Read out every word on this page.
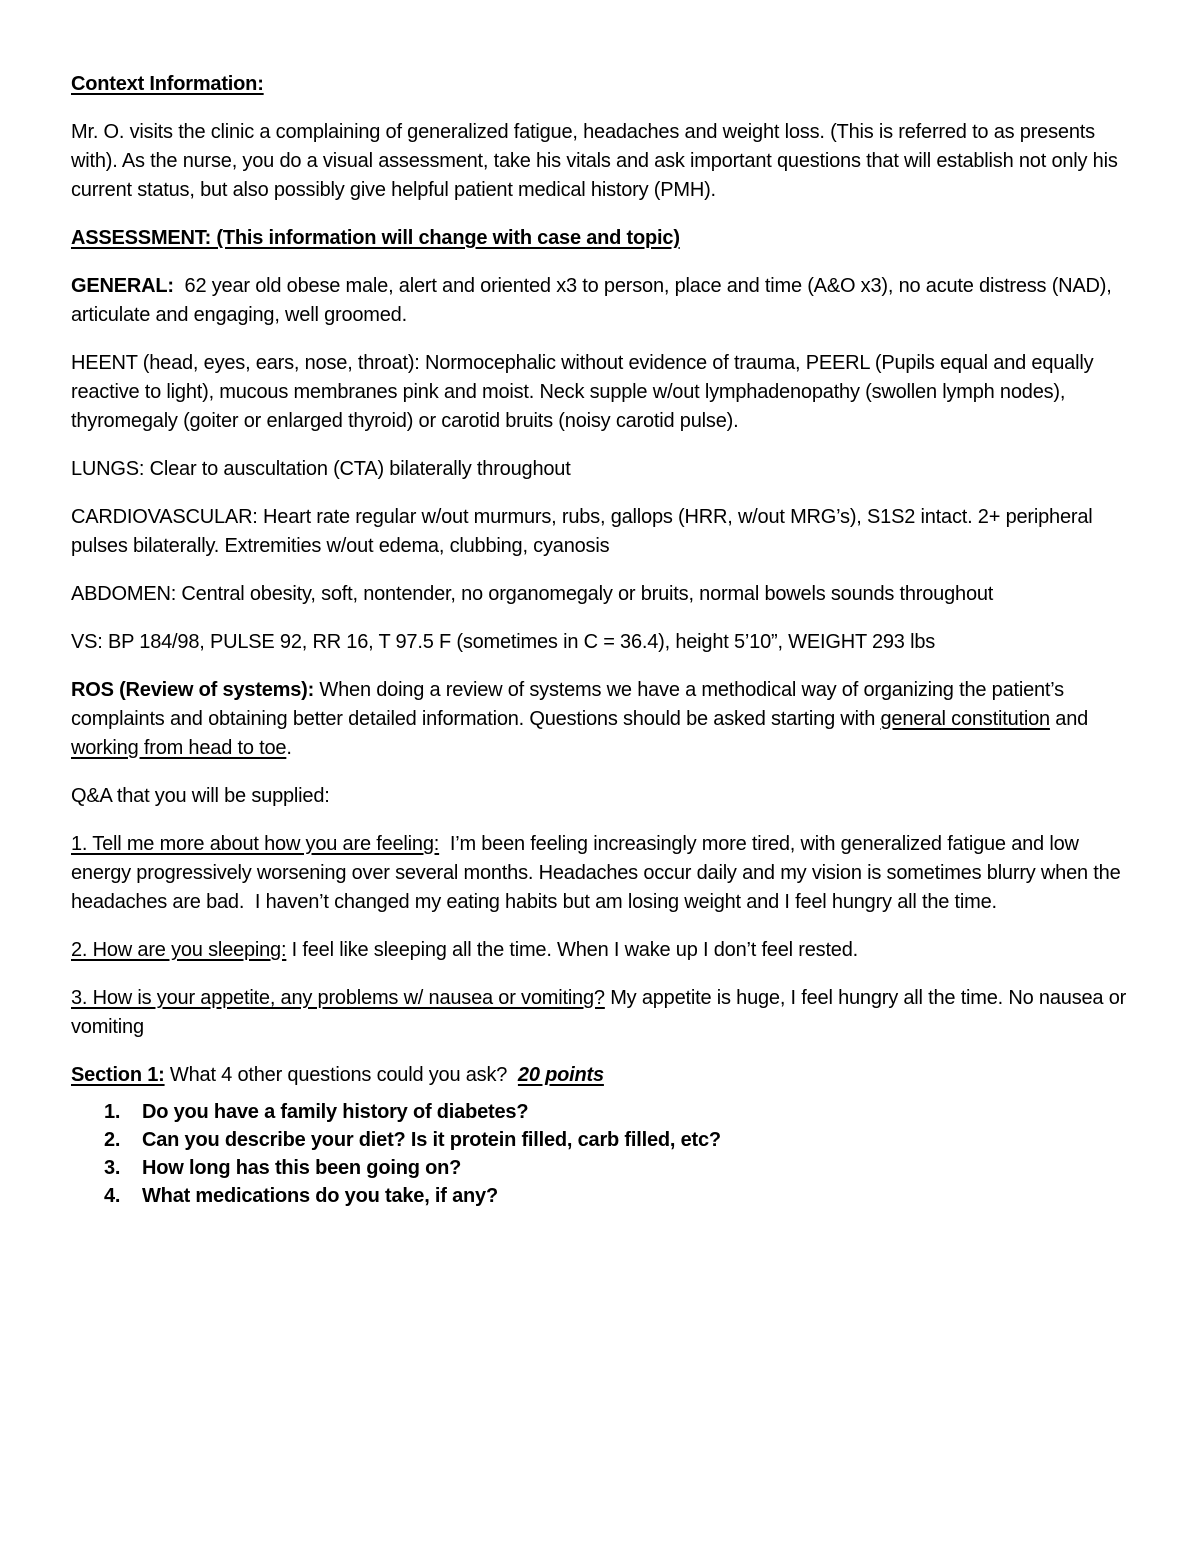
Context Information:

Mr. O. visits the clinic a complaining of generalized fatigue, headaches and weight loss. (This is referred to as presents with). As the nurse, you do a visual assessment, take his vitals and ask important questions that will establish not only his current status, but also possibly give helpful patient medical history (PMH).

ASSESSMENT: (This information will change with case and topic)

GENERAL:  62 year old obese male, alert and oriented x3 to person, place and time (A&O x3), no acute distress (NAD), articulate and engaging, well groomed.

HEENT (head, eyes, ears, nose, throat): Normocephalic without evidence of trauma, PEERL (Pupils equal and equally reactive to light), mucous membranes pink and moist. Neck supple w/out lymphadenopathy (swollen lymph nodes), thyromegaly (goiter or enlarged thyroid) or carotid bruits (noisy carotid pulse).

LUNGS: Clear to auscultation (CTA) bilaterally throughout

CARDIOVASCULAR: Heart rate regular w/out murmurs, rubs, gallops (HRR, w/out MRG’s), S1S2 intact. 2+ peripheral pulses bilaterally. Extremities w/out edema, clubbing, cyanosis

ABDOMEN: Central obesity, soft, nontender, no organomegaly or bruits, normal bowels sounds throughout

VS: BP 184/98, PULSE 92, RR 16, T 97.5 F (sometimes in C = 36.4), height 5’10”, WEIGHT 293 lbs

ROS (Review of systems): When doing a review of systems we have a methodical way of organizing the patient’s complaints and obtaining better detailed information. Questions should be asked starting with general constitution and working from head to toe.

Q&A that you will be supplied:

1. Tell me more about how you are feeling:  I’m been feeling increasingly more tired, with generalized fatigue and low energy progressively worsening over several months. Headaches occur daily and my vision is sometimes blurry when the headaches are bad.  I haven’t changed my eating habits but am losing weight and I feel hungry all the time.

2. How are you sleeping: I feel like sleeping all the time. When I wake up I don’t feel rested.

3. How is your appetite, any problems w/ nausea or vomiting? My appetite is huge, I feel hungry all the time. No nausea or vomiting

Section 1: What 4 other questions could you ask?  20 points

1. Do you have a family history of diabetes?
2. Can you describe your diet? Is it protein filled, carb filled, etc?
3. How long has this been going on?
4. What medications do you take, if any?
